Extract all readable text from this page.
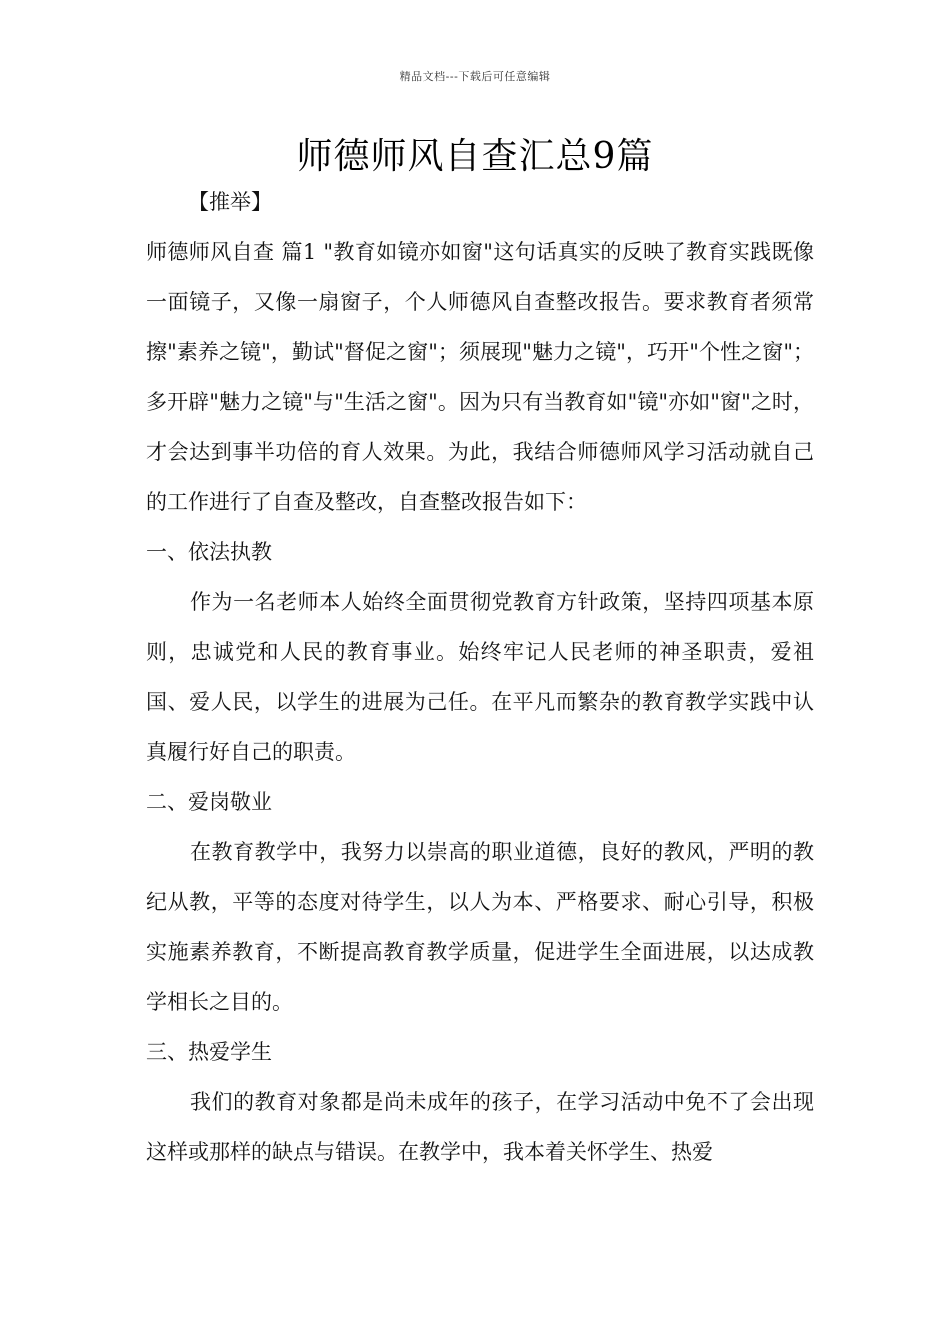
精品文档---下载后可任意编辑
师德师风自查汇总9篇
【推举】

师德师风自查 篇1 "教育如镜亦如窗"这句话真实的反映了教育实践既像一面镜子，又像一扇窗子，个人师德风自查整改报告。要求教育者须常擦"素养之镜"，勤试"督促之窗"；须展现"魅力之镜"，巧开"个性之窗"；多开辟"魅力之镜"与"生活之窗"。因为只有当教育如"镜"亦如"窗"之时，才会达到事半功倍的育人效果。为此，我结合师德师风学习活动就自己的工作进行了自查及整改，自查整改报告如下：

一、依法执教

作为一名老师本人始终全面贯彻党教育方针政策，坚持四项基本原则，忠诚党和人民的教育事业。始终牢记人民老师的神圣职责，爱祖国、爱人民，以学生的进展为己任。在平凡而繁杂的教育教学实践中认真履行好自己的职责。

二、爱岗敬业

在教育教学中，我努力以崇高的职业道德，良好的教风，严明的教纪从教，平等的态度对待学生，以人为本、严格要求、耐心引导，积极实施素养教育，不断提高教育教学质量，促进学生全面进展，以达成教学相长之目的。

三、热爱学生

我们的教育对象都是尚未成年的孩子，在学习活动中免不了会出现这样或那样的缺点与错误。在教学中，我本着关怀学生、热爱
